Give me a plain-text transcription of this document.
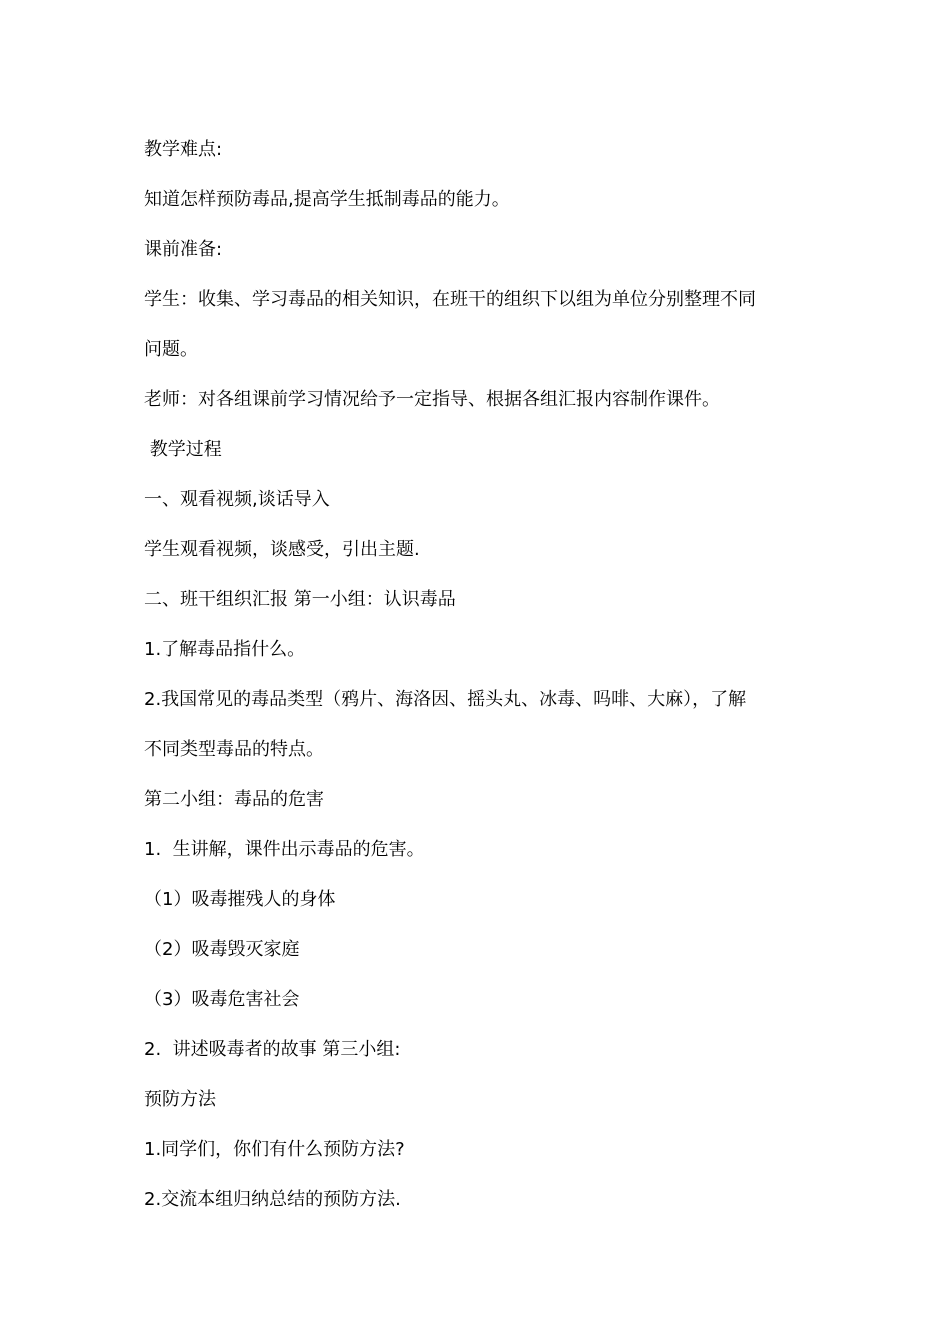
教学难点:
知道怎样预防毒品,提高学生抵制毒品的能力。
课前准备:
学生：收集、学习毒品的相关知识，在班干的组织下以组为单位分别整理不同
问题。
老师：对各组课前学习情况给予一定指导、根据各组汇报内容制作课件。
教学过程
一、观看视频,谈话导入
学生观看视频，谈感受，引出主题.
二、班干组织汇报 第一小组：认识毒品
1.了解毒品指什么。
2.我国常见的毒品类型（鸦片、海洛因、摇头丸、冰毒、吗啡、大麻），了解
不同类型毒品的特点。
第二小组：毒品的危害
1.  生讲解，课件出示毒品的危害。
（1）吸毒摧残人的身体
（2）吸毒毁灭家庭
（3）吸毒危害社会
2.  讲述吸毒者的故事 第三小组:
预防方法
1.同学们，你们有什么预防方法?
2.交流本组归纳总结的预防方法.
